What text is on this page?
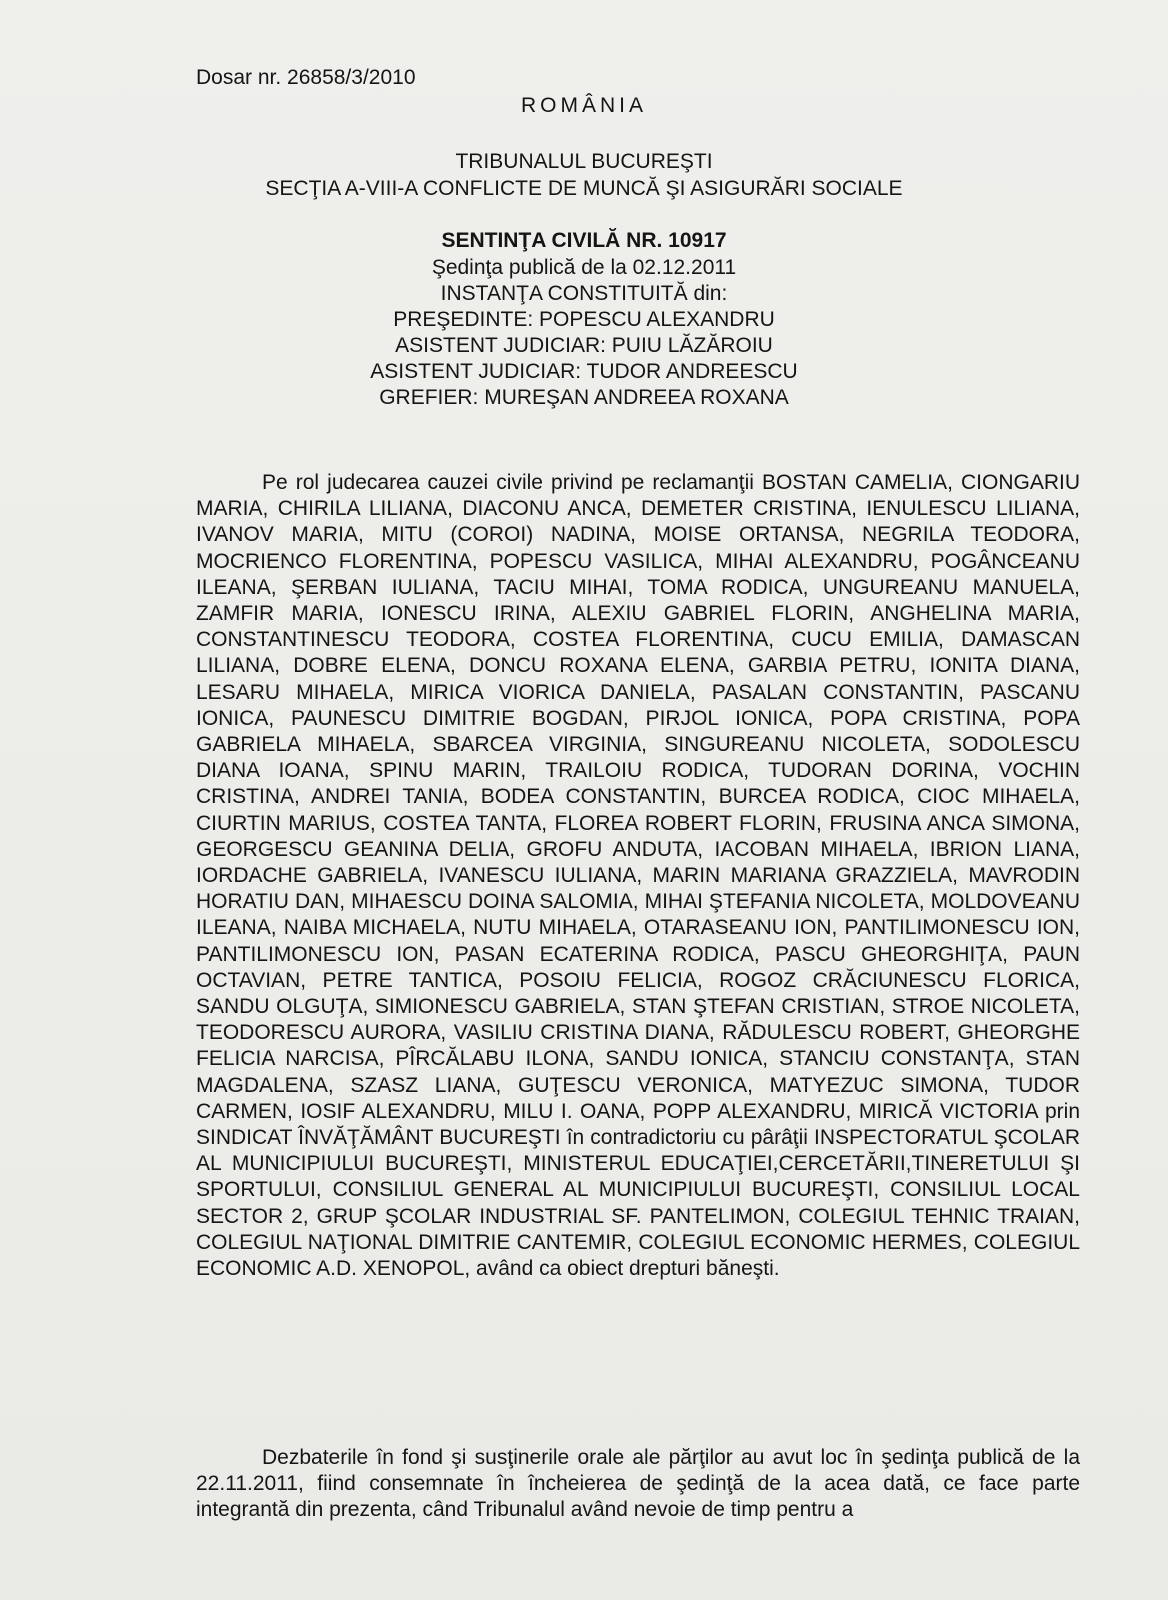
Dosar nr. 26858/3/2010
ROMÂNIA
TRIBUNALUL BUCUREŞTI
SECŢIA A-VIII-A CONFLICTE DE MUNCĂ ŞI ASIGURĂRI SOCIALE
SENTINŢA CIVILĂ NR. 10917
Şedinţa publică de la 02.12.2011
INSTANŢA CONSTITUITĂ din:
PREŞEDINTE: POPESCU ALEXANDRU
ASISTENT JUDICIAR: PUIU LĂZĂROIU
ASISTENT JUDICIAR: TUDOR ANDREESCU
GREFIER: MUREŞAN ANDREEA ROXANA
Pe rol judecarea cauzei civile privind pe reclamanţii BOSTAN CAMELIA, CIONGARIU MARIA, CHIRILA LILIANA, DIACONU ANCA, DEMETER CRISTINA, IENULESCU LILIANA, IVANOV MARIA, MITU (COROI) NADINA, MOISE ORTANSA, NEGRILA TEODORA, MOCRIENCO FLORENTINA, POPESCU VASILICA, MIHAI ALEXANDRU, POGÂNCEANU ILEANA, ŞERBAN IULIANA, TACIU MIHAI, TOMA RODICA, UNGUREANU MANUELA, ZAMFIR MARIA, IONESCU IRINA, ALEXIU GABRIEL FLORIN, ANGHELINA MARIA, CONSTANTINESCU TEODORA, COSTEA FLORENTINA, CUCU EMILIA, DAMASCAN LILIANA, DOBRE ELENA, DONCU ROXANA ELENA, GARBIA PETRU, IONITA DIANA, LESARU MIHAELA, MIRICA VIORICA DANIELA, PASALAN CONSTANTIN, PASCANU IONICA, PAUNESCU DIMITRIE BOGDAN, PIRJOL IONICA, POPA CRISTINA, POPA GABRIELA MIHAELA, SBARCEA VIRGINIA, SINGUREANU NICOLETA, SODOLESCU DIANA IOANA, SPINU MARIN, TRAILOIU RODICA, TUDORAN DORINA, VOCHIN CRISTINA, ANDREI TANIA, BODEA CONSTANTIN, BURCEA RODICA, CIOC MIHAELA, CIURTIN MARIUS, COSTEA TANTA, FLOREA ROBERT FLORIN, FRUSINA ANCA SIMONA, GEORGESCU GEANINA DELIA, GROFU ANDUTA, IACOBAN MIHAELA, IBRION LIANA, IORDACHE GABRIELA, IVANESCU IULIANA, MARIN MARIANA GRAZZIELA, MAVRODIN HORATIU DAN, MIHAESCU DOINA SALOMIA, MIHAI ŞTEFANIA NICOLETA, MOLDOVEANU ILEANA, NAIBA MICHAELA, NUTU MIHAELA, OTARASEANU ION, PANTILIMONESCU ION, PANTILIMONESCU ION, PASAN ECATERINA RODICA, PASCU GHEORGHIŢA, PAUN OCTAVIAN, PETRE TANTICA, POSOIU FELICIA, ROGOZ CRĂCIUNESCU FLORICA, SANDU OLGUŢA, SIMIONESCU GABRIELA, STAN ŞTEFAN CRISTIAN, STROE NICOLETA, TEODORESCU AURORA, VASILIU CRISTINA DIANA, RĂDULESCU ROBERT, GHEORGHE FELICIA NARCISA, PÎRCĂLABU ILONA, SANDU IONICA, STANCIU CONSTANŢA, STAN MAGDALENA, SZASZ LIANA, GUŢESCU VERONICA, MATYEZUC SIMONA, TUDOR CARMEN, IOSIF ALEXANDRU, MILU I. OANA, POPP ALEXANDRU, MIRICĂ VICTORIA prin SINDICAT ÎNVĂŢĂMÂNT BUCUREŞTI în contradictoriu cu pârâţii INSPECTORATUL ŞCOLAR AL MUNICIPIULUI BUCUREŞTI, MINISTERUL EDUCAŢIEI,CERCETĂRII,TINERETULUI ŞI SPORTULUI, CONSILIUL GENERAL AL MUNICIPIULUI BUCUREŞTI, CONSILIUL LOCAL SECTOR 2, GRUP ŞCOLAR INDUSTRIAL SF. PANTELIMON, COLEGIUL TEHNIC TRAIAN, COLEGIUL NAŢIONAL DIMITRIE CANTEMIR, COLEGIUL ECONOMIC HERMES, COLEGIUL ECONOMIC A.D. XENOPOL, având ca obiect drepturi băneşti.
Dezbaterile în fond şi susţinerile orale ale părţilor au avut loc în şedinţa publică de la 22.11.2011, fiind consemnate în încheierea de şedinţă de la acea dată, ce face parte integrantă din prezenta, când Tribunalul având nevoie de timp pentru a
